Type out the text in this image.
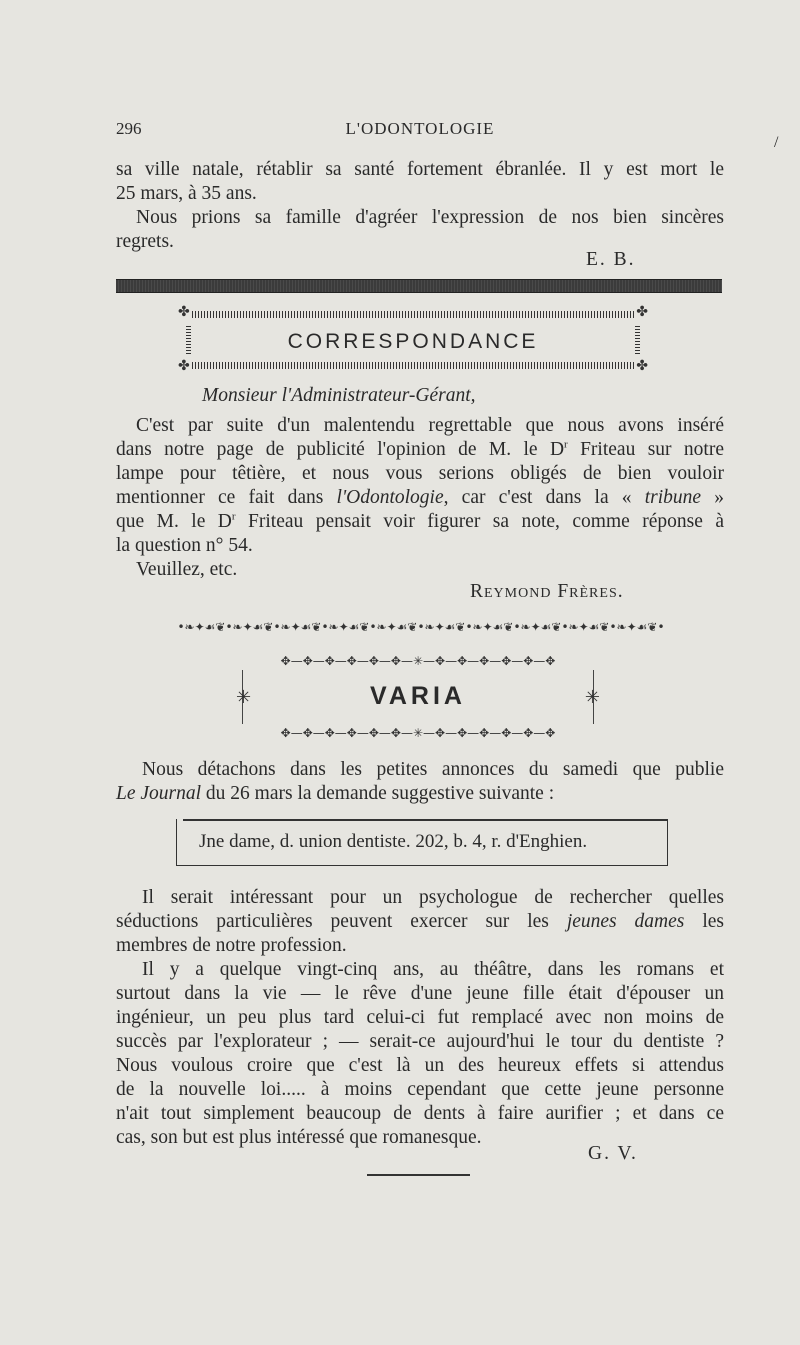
/
296	L'ODONTOLOGIE
sa ville natale, rétablir sa santé fortement ébranlée. Il y est mort le
25 mars, à 35 ans.
Nous prions sa famille d'agréer l'expression de nos bien sincères
regrets.
E. B.
✤	✤
✤	✤
CORRESPONDANCE
Monsieur l'Administrateur-Gérant,
C'est par suite d'un malentendu regrettable que nous avons inséré
dans notre page de publicité l'opinion de M. le $D^r$ Friteau sur notre
lampe pour têtière, et nous vous serions obligés de bien vouloir
mentionner ce fait dans l'Odontologie, car c'est dans la « tribune »
que M. le $D^r$ Friteau pensait voir figurer sa note, comme réponse à
la question n° 54.
Veuillez, etc.
Reymond Frères.
•❧✦☙❦•❧✦☙❦•❧✦☙❦•❧✦☙❦•❧✦☙❦•❧✦☙❦•❧✦☙❦•❧✦☙❦•❧✦☙❦•❧✦☙❦•
✥—✥—✥—✥—✥—✥—✳—✥—✥—✥—✥—✥—✥
✳	✳
VARIA
✥—✥—✥—✥—✥—✥—✳—✥—✥—✥—✥—✥—✥
Nous détachons dans les petites annonces du samedi que publie
Le Journal du 26 mars la demande suggestive suivante :
Jne dame, d. union dentiste. 202, b. 4, r. d'Enghien.
Il serait intéressant pour un psychologue de rechercher quelles
séductions particulières peuvent exercer sur les jeunes dames les
membres de notre profession.
Il y a quelque vingt-cinq ans, au théâtre, dans les romans et
surtout dans la vie — le rêve d'une jeune fille était d'épouser un
ingénieur, un peu plus tard celui-ci fut remplacé avec non moins de
succès par l'explorateur ; — serait-ce aujourd'hui le tour du dentiste ?
Nous voulous croire que c'est là un des heureux effets si attendus
de la nouvelle loi..... à moins cependant que cette jeune personne
n'ait tout simplement beaucoup de dents à faire aurifier ; et dans ce
cas, son but est plus intéressé que romanesque.
G. V.
